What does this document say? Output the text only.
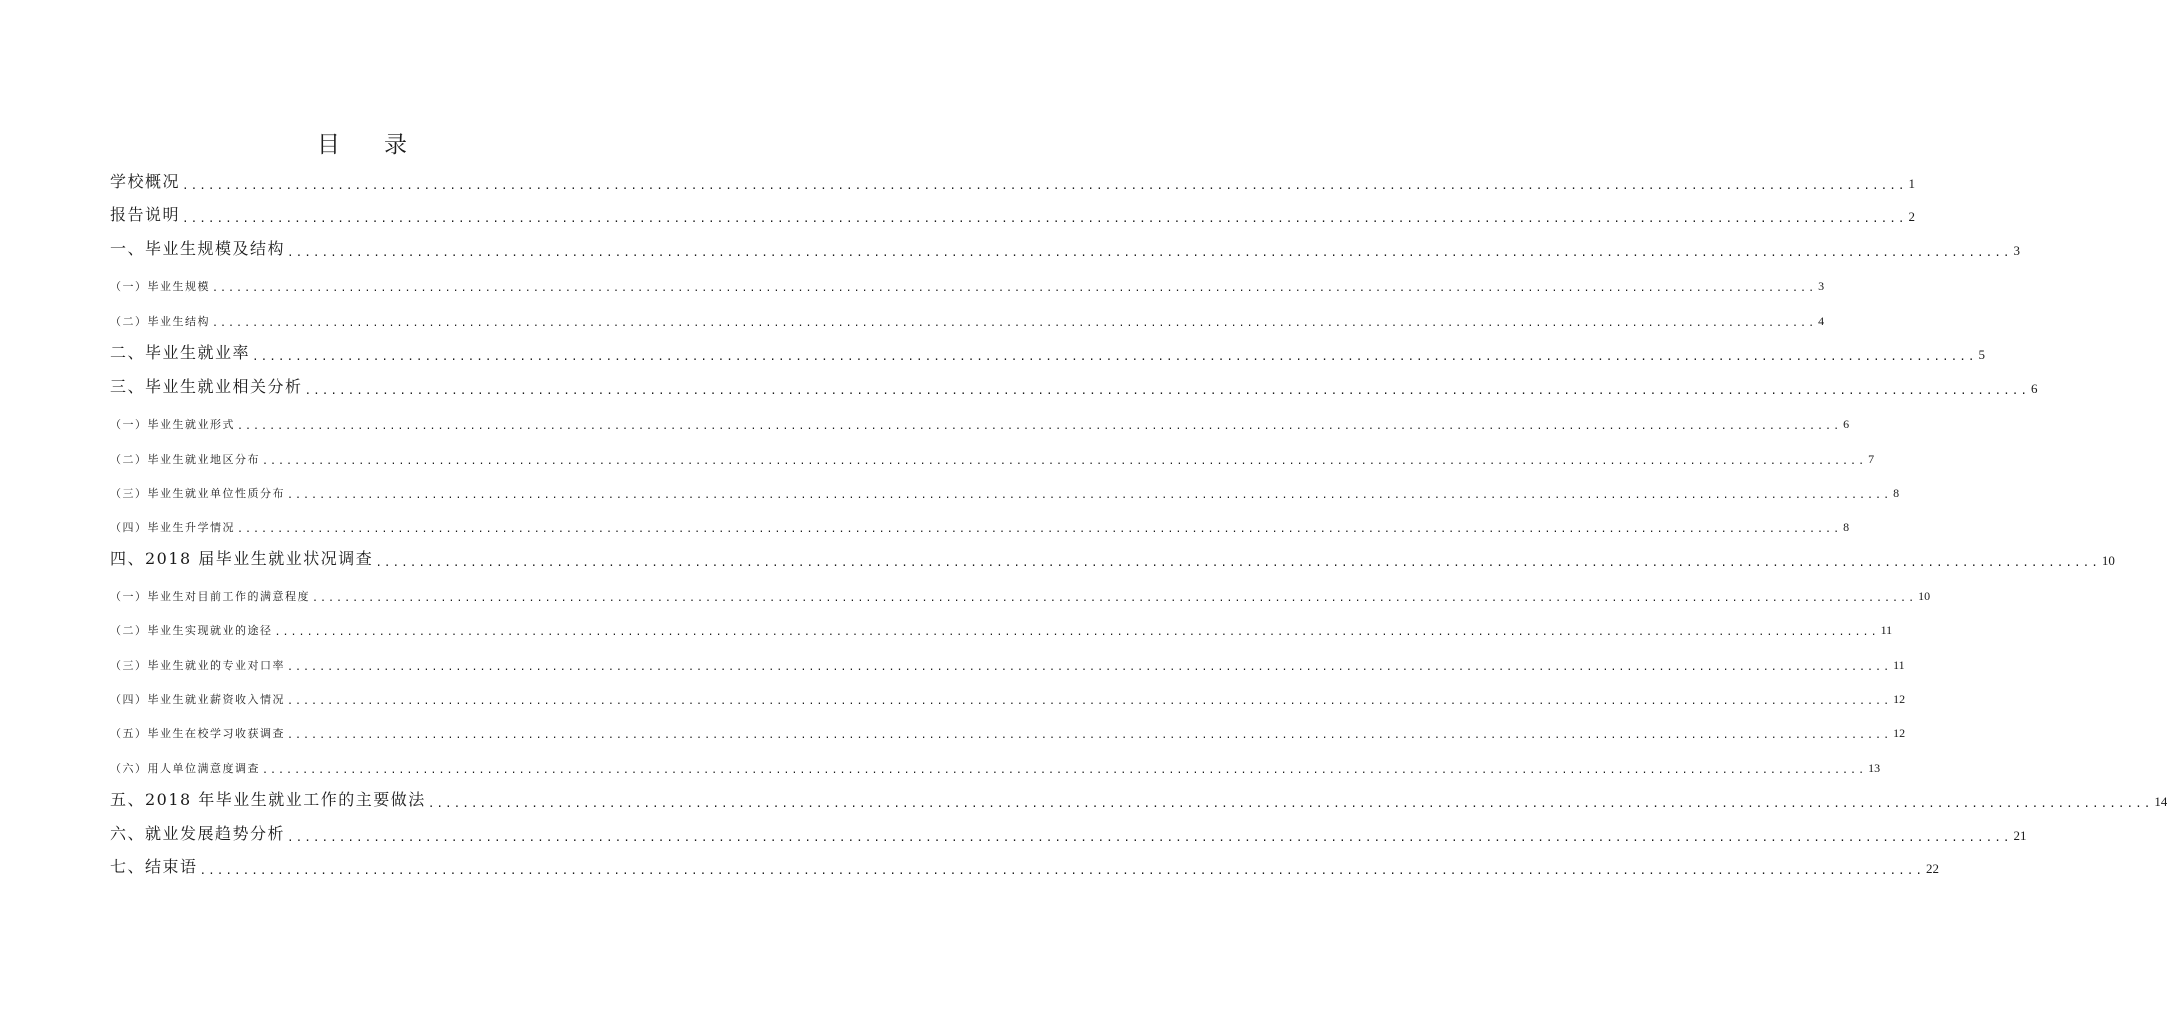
目 录
学校概况 ........................................................................................................................................................................................................ 1
报告说明 ........................................................................................................................................................................................................ 2
一、毕业生规模及结构 ........................................................................................................................................................................................................ 3
（一）毕业生规模 ........................................................................................................................................................................................................ 3
（二）毕业生结构 ........................................................................................................................................................................................................ 4
二、毕业生就业率 ........................................................................................................................................................................................................ 5
三、毕业生就业相关分析 ........................................................................................................................................................................................................ 6
（一）毕业生就业形式 ........................................................................................................................................................................................................ 6
（二）毕业生就业地区分布 ........................................................................................................................................................................................................ 7
（三）毕业生就业单位性质分布 ........................................................................................................................................................................................................ 8
（四）毕业生升学情况 ........................................................................................................................................................................................................ 8
四、2018 届毕业生就业状况调查 ........................................................................................................................................................................................................ 10
（一）毕业生对目前工作的满意程度 ........................................................................................................................................................................................................ 10
（二）毕业生实现就业的途径 ........................................................................................................................................................................................................ 11
（三）毕业生就业的专业对口率 ........................................................................................................................................................................................................ 11
（四）毕业生就业薪资收入情况 ........................................................................................................................................................................................................ 12
（五）毕业生在校学习收获调查 ........................................................................................................................................................................................................ 12
（六）用人单位满意度调查 ........................................................................................................................................................................................................ 13
五、2018 年毕业生就业工作的主要做法 ........................................................................................................................................................................................................ 14
六、就业发展趋势分析 ........................................................................................................................................................................................................ 21
七、结束语 ........................................................................................................................................................................................................ 22
